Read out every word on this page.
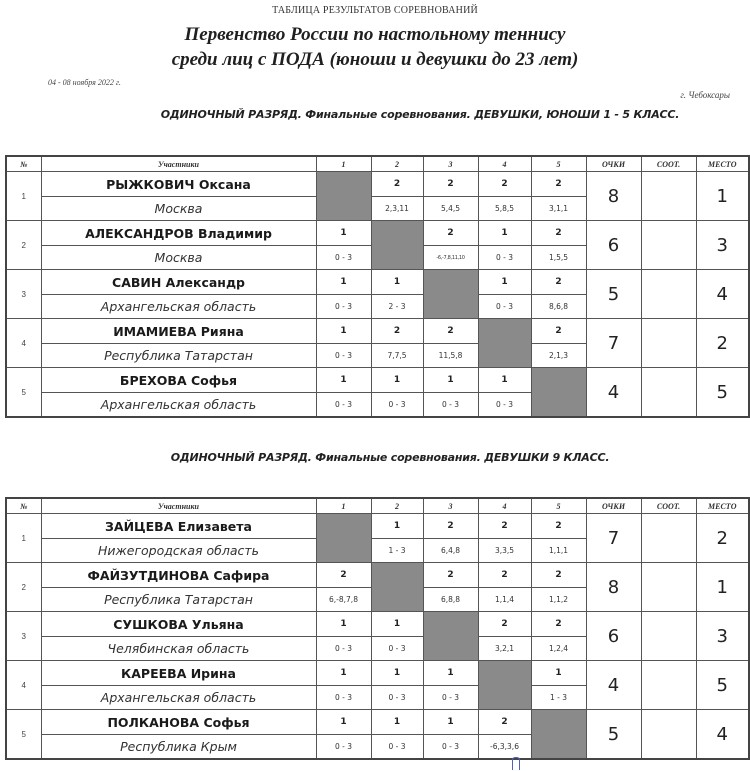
ТАБЛИЦА РЕЗУЛЬТАТОВ СОРЕВНОВАНИЙ
Первенство России по настольному теннису
среди лиц с ПОДА (юноши и девушки до 23 лет)
04 - 08 ноября 2022 г.
г. Чебоксары
ОДИНОЧНЫЙ РАЗРЯД. Финальные соревнования. ДЕВУШКИ, ЮНОШИ 1 - 5 КЛАСС.
№	Участники	1	2	3	4	5	ОЧКИ	СООТ.	МЕСТО
1	РЫЖКОВИЧ Оксана		2	2	2	2	8		1
	Москва		2,3,11	5,4,5	5,8,5	3,1,1			
2	АЛЕКСАНДРОВ Владимир	1		2	1	2	6		3
	Москва	0 - 3		-6,-7,8,11,10	0 - 3	1,5,5			
3	САВИН Александр	1	1		1	2	5		4
	Архангельская область	0 - 3	2 - 3		0 - 3	8,6,8			
4	ИМАМИЕВА Рияна	1	2	2		2	7		2
	Республика Татарстан	0 - 3	7,7,5	11,5,8		2,1,3			
5	БРЕХОВА Софья	1	1	1	1		4		5
	Архангельская область	0 - 3	0 - 3	0 - 3	0 - 3				
ОДИНОЧНЫЙ РАЗРЯД. Финальные соревнования. ДЕВУШКИ 9 КЛАСС.
№	Участники	1	2	3	4	5	ОЧКИ	СООТ.	МЕСТО
1	ЗАЙЦЕВА Елизавета		1	2	2	2	7		2
	Нижегородская область		1 - 3	6,4,8	3,3,5	1,1,1			
2	ФАЙЗУТДИНОВА Сафира	2		2	2	2	8		1
	Республика Татарстан	6,-8,7,8		6,8,8	1,1,4	1,1,2			
3	СУШКОВА Ульяна	1	1		2	2	6		3
	Челябинская область	0 - 3	0 - 3		3,2,1	1,2,4			
4	КАРЕЕВА Ирина	1	1	1		1	4		5
	Архангельская область	0 - 3	0 - 3	0 - 3		1 - 3			
5	ПОЛКАНОВА Софья	1	1	1	2		5		4
	Республика Крым	0 - 3	0 - 3	0 - 3	-6,3,3,6				
